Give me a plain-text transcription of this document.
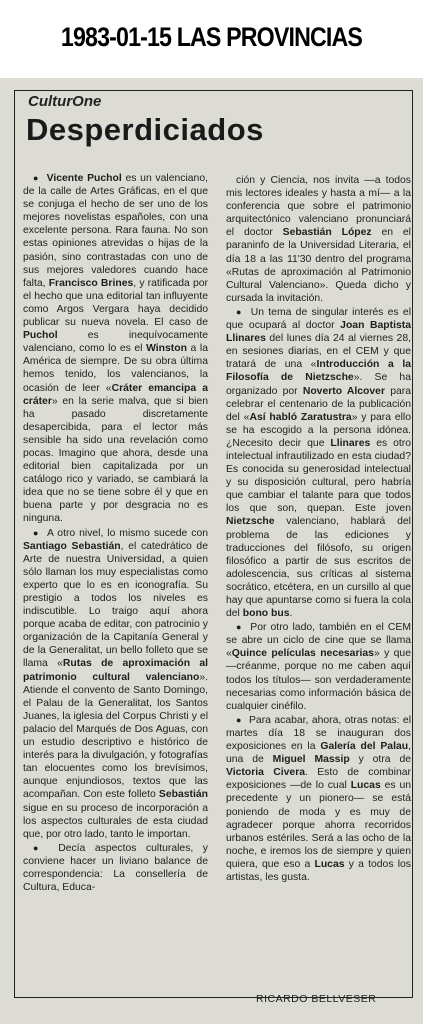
1983-01-15 LAS PROVINCIAS
CulturOne
Desperdiciados

● Vicente Puchol es un valenciano, de la calle de Artes Gráficas, en el que se conjuga el hecho de ser uno de los mejores novelistas españoles, con una excelente persona. Rara fauna. No son estas opiniones atrevidas o hijas de la pasión, sino contrastadas con uno de sus mejores valedores cuando hace falta, Francisco Brines, y ratificada por el hecho que una editorial tan influyente como Argos Vergara haya decidido publicar su nueva novela. El caso de Puchol es inequívocamente valenciano, como lo es el Winston a la América de siempre. De su obra última hemos tenido, los valencianos, la ocasión de leer «Cráter emancipa a cráter» en la serie malva, que si bien ha pasado discretamente desapercibida, para el lector más sensible ha sido una revelación como pocas. Imagino que ahora, desde una editorial bien capitalizada por un catálogo rico y variado, se cambiará la idea que no se tiene sobre él y que en buena parte y por desgracia no es ninguna.

● A otro nivel, lo mismo sucede con Santiago Sebastián, el catedrático de Arte de nuestra Universidad, a quien sólo llaman los muy especialistas como experto que lo es en iconografía. Su prestigio a todos los niveles es indiscutible. Lo traigo aquí ahora porque acaba de editar, con patrocinio y organización de la Capitanía General y de la Generalitat, un bello folleto que se llama «Rutas de aproximación al patrimonio cultural valenciano». Atiende el convento de Santo Domingo, el Palau de la Generalitat, los Santos Juanes, la iglesia del Corpus Christi y el palacio del Marqués de Dos Aguas, con un estudio descriptivo e histórico de interés para la divulgación, y fotografías tan elocuentes como los brevísimos, aunque enjundiosos, textos que las acompañan. Con este folleto Sebastián sigue en su proceso de incorporación a los aspectos culturales de esta ciudad que, por otro lado, tanto le importan.

● Decía aspectos culturales, y conviene hacer un liviano balance de correspondencia: La consellería de Cultura, Educa-

ción y Ciencia, nos invita —a todos mis lectores ideales y hasta a mí— a la conferencia que sobre el patrimonio arquitectónico valenciano pronunciará el doctor Sebastián López en el paraninfo de la Universidad Literaria, el día 18 a las 11'30 dentro del programa «Rutas de aproximación al Patrimonio Cultural Valenciano». Queda dicho y cursada la invitación.

● Un tema de singular interés es el que ocupará al doctor Joan Baptista Llinares del lunes día 24 al viernes 28, en sesiones diarias, en el CEM y que tratará de una «Introducción a la Filosofía de Nietzsche». Se ha organizado por Noverto Alcover para celebrar el centenario de la publicación del «Así habló Zaratustra» y para ello se ha escogido a la persona idónea. ¿Necesito decir que Llinares es otro intelectual infrautilizado en esta ciudad? Es conocida su generosidad intelectual y su disposición cultural, pero habría que cambiar el talante para que todos los que son, quepan. Este joven Nietzsche valenciano, hablará del problema de las ediciones y traducciones del filósofo, su origen filosófico a partir de sus escritos de adolescencia, sus críticas al sistema socrático, etcétera, en un cursillo al que hay que apuntarse como si fuera la cola del bono bus.

● Por otro lado, también en el CEM se abre un ciclo de cine que se llama «Quince películas necesarias» y que —créanme, porque no me caben aquí todos los títulos— son verdaderamente necesarias como información básica de cualquier cinéfilo.

● Para acabar, ahora, otras notas: el martes día 18 se inauguran dos exposiciones en la Galería del Palau, una de Miguel Massip y otra de Victoria Civera. Esto de combinar exposiciones —de lo cual Lucas es un precedente y un pionero— se está poniendo de moda y es muy de agradecer porque ahorra recorridos urbanos estériles. Será a las ocho de la noche, e iremos los de siempre y quien quiera, que eso a Lucas y a todos los artistas, les gusta.

RICARDO BELLVESER
